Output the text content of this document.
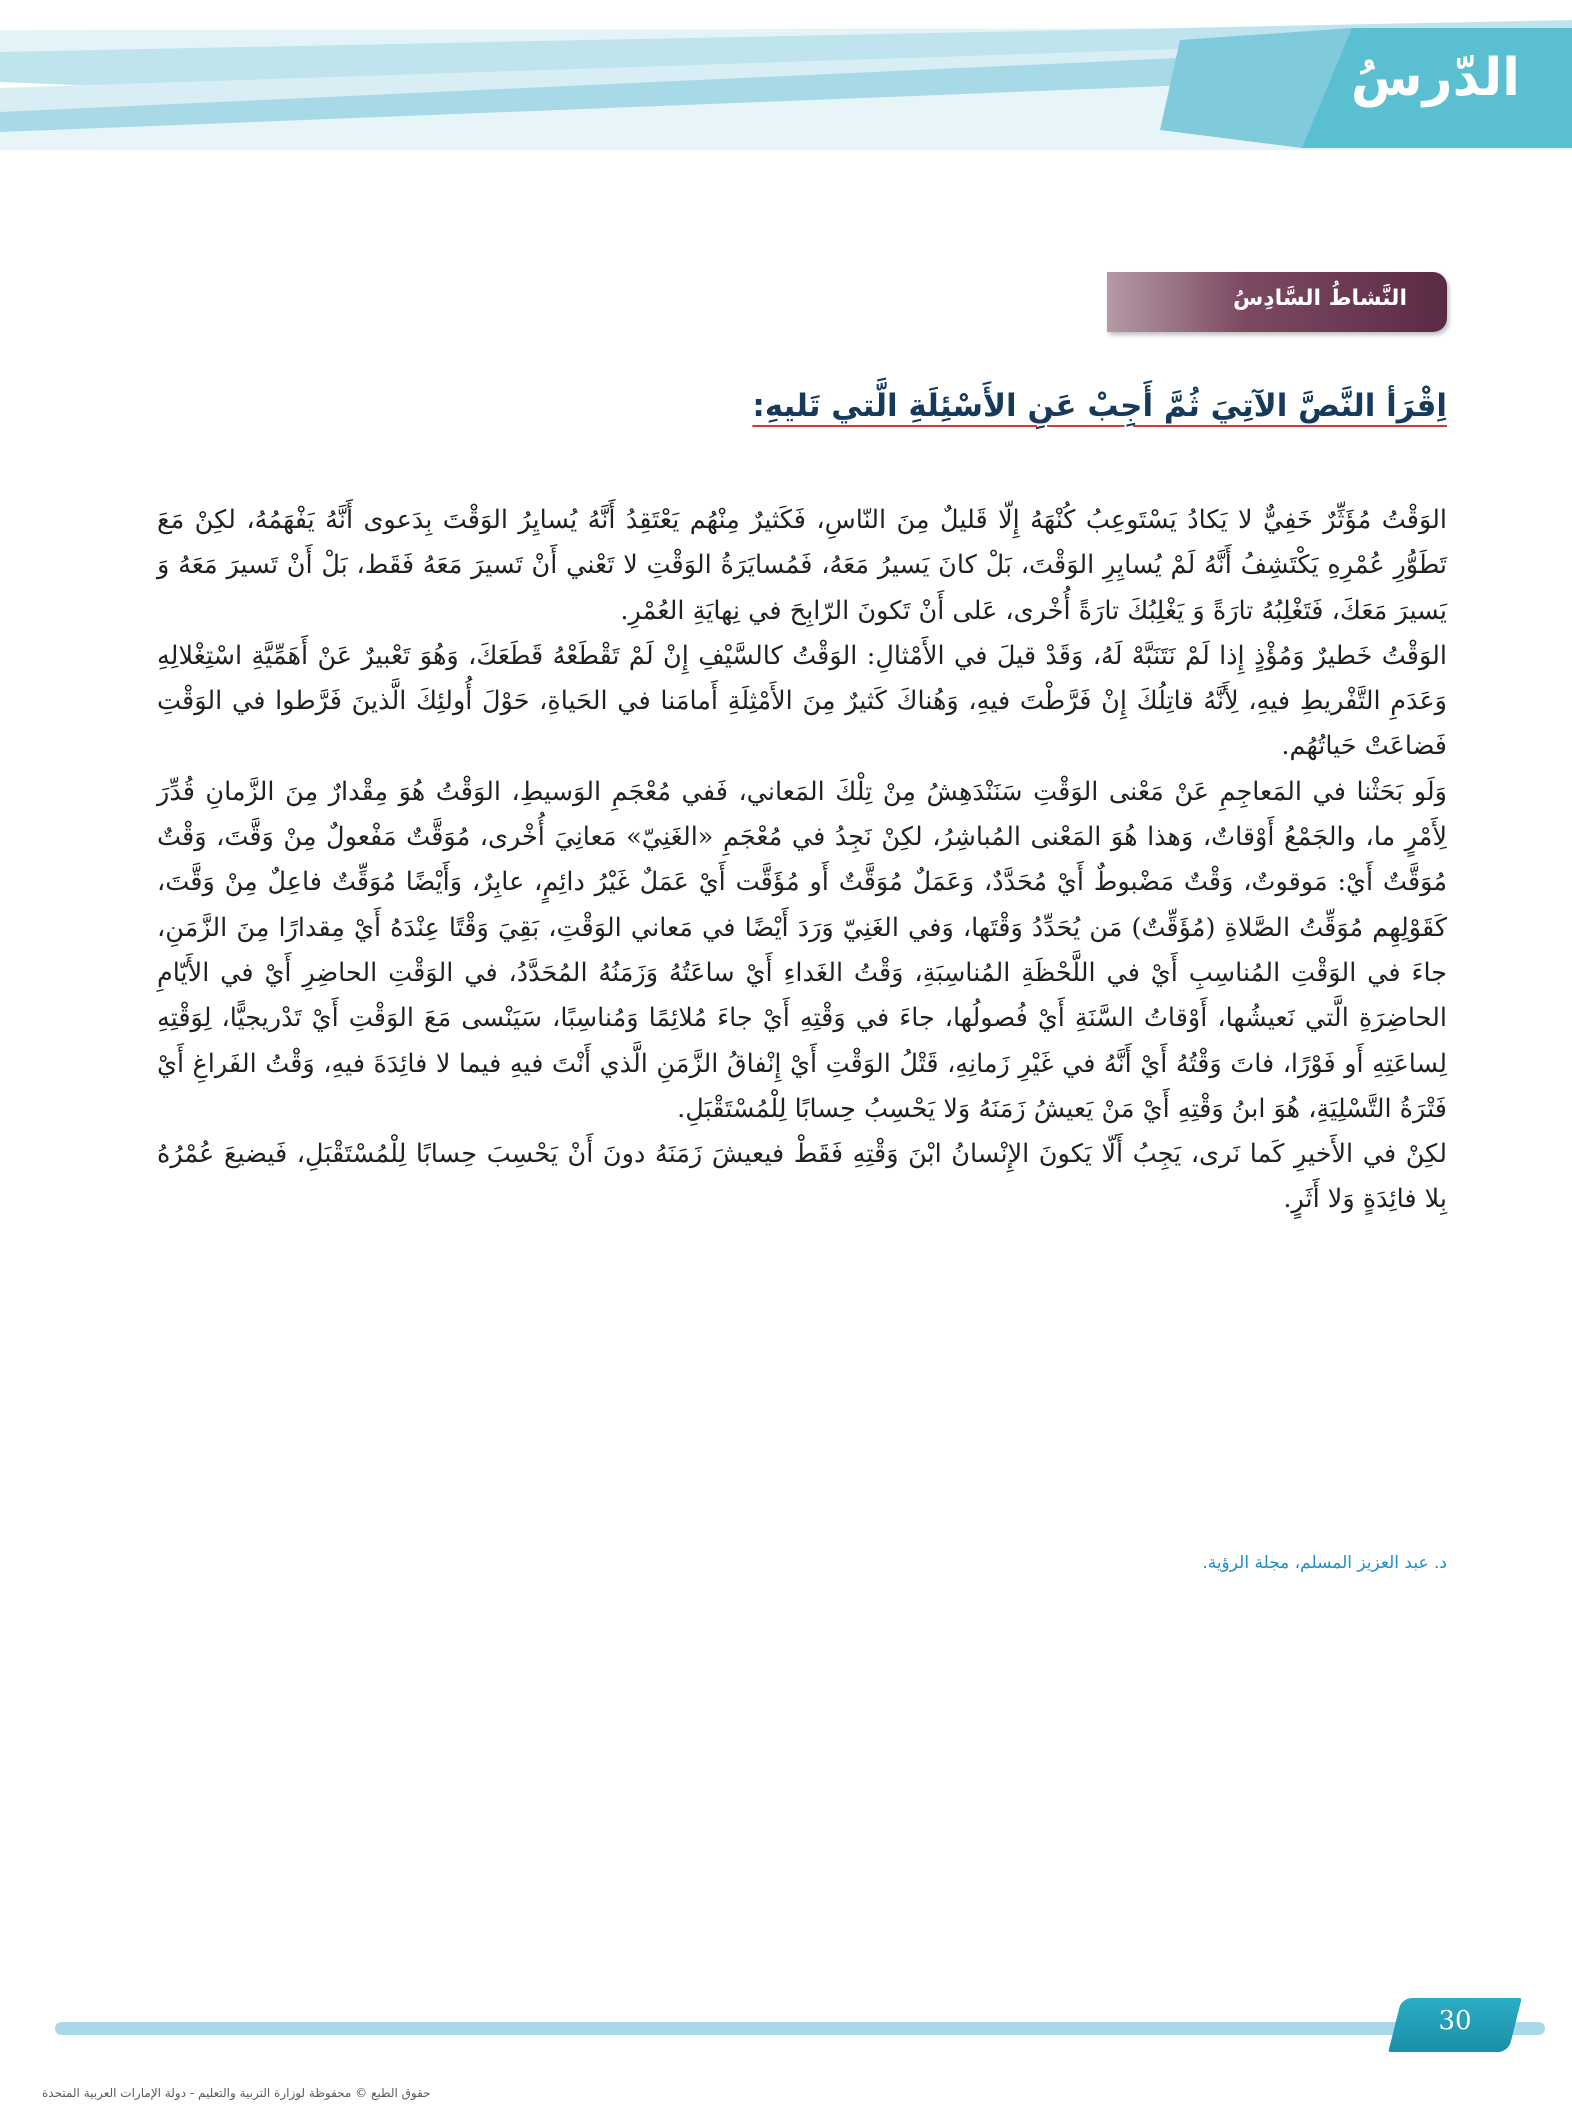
الدّرسُ
النَّشاطُ السَّادِسُ
اِقْرَأ النَّصَّ الآتِيَ ثُمَّ أَجِبْ عَنِ الأَسْئِلَةِ الَّتي تَليهِ:

الوَقْتُ مُؤَثِّرٌ خَفِيٌّ لا يَكادُ يَسْتَوعِبُ كُنْهَهُ إِلّا قَليلٌ مِنَ النّاسِ، فَكَثيرٌ مِنْهُم يَعْتَقِدُ أَنَّهُ يُسايِرُ الوَقْتَ بِدَعوى أَنَّهُ يَفْهَمُهُ، لكِنْ مَعَ تَطَوُّرِ عُمْرِهِ يَكْتَشِفُ أَنَّهُ لَمْ يُسايِرِ الوَقْتَ، بَلْ كانَ يَسيرُ مَعَهُ، فَمُسايَرَةُ الوَقْتِ لا تَعْني أَنْ تَسيرَ مَعَهُ فَقَط، بَلْ أَنْ تَسيرَ مَعَهُ وَ يَسيرَ مَعَكَ، فَتَغْلِبُهُ تارَةً وَ يَغْلِبُكَ تارَةً أُخْرى، عَلى أَنْ تَكونَ الرّابِحَ في نِهايَةِ العُمْرِ.

الوَقْتُ خَطيرٌ وَمُؤْذٍ إِذا لَمْ نَتَنَبَّهْ لَهُ، وَقَدْ قيلَ في الأَمْثالِ: الوَقْتُ كالسَّيْفِ إِنْ لَمْ تَقْطَعْهُ قَطَعَكَ، وَهُوَ تَعْبيرٌ عَنْ أَهَمِّيَّةِ اسْتِغْلالِهِ وَعَدَمِ التَّفْريطِ فيهِ، لِأَنَّهُ قاتِلُكَ إِنْ فَرَّطْتَ فيهِ، وَهُناكَ كَثيرٌ مِنَ الأَمْثِلَةِ أَمامَنا في الحَياةِ، حَوْلَ أُولئِكَ الَّذينَ فَرَّطوا في الوَقْتِ فَضاعَتْ حَياتُهُم.

وَلَو بَحَثْنا في المَعاجِمِ عَنْ مَعْنى الوَقْتِ سَنَنْدَهِشُ مِنْ تِلْكَ المَعاني، فَفي مُعْجَمِ الوَسيطِ، الوَقْتُ هُوَ مِقْدارٌ مِنَ الزَّمانِ قُدِّرَ لِأَمْرٍ ما، والجَمْعُ أَوْقاتٌ، وَهذا هُوَ المَعْنى المُباشِرُ، لكِنْ نَجِدُ في مُعْجَمِ «الغَنِيّ» مَعانِيَ أُخْرى، مُوَقَّتٌ مَفْعولٌ مِنْ وَقَّتَ، وَقْتٌ مُوَقَّتٌ أَيْ: مَوقوتٌ، وَقْتٌ مَضْبوطٌ أَيْ مُحَدَّدٌ، وَعَمَلٌ مُوَقَّتٌ أَو مُؤَقَّت أَيْ عَمَلٌ غَيْرُ دائِمٍ، عابِرٌ، وَأَيْضًا مُوَقِّتٌ فاعِلٌ مِنْ وَقَّتَ، كَقَوْلِهِم مُوَقِّتُ الصَّلاةِ (مُؤَقِّتٌ) مَن يُحَدِّدُ وَقْتَها، وَفي الغَنِيّ وَرَدَ أَيْضًا في مَعاني الوَقْتِ، بَقِيَ وَقْتًا عِنْدَهُ أَيْ مِقدارًا مِنَ الزَّمَنِ، جاءَ في الوَقْتِ المُناسِبِ أَيْ في اللَّحْظَةِ المُناسِبَةِ، وَقْتُ الغَداءِ أَيْ ساعَتُهُ وَزَمَنُهُ المُحَدَّدُ، في الوَقْتِ الحاضِرِ أَيْ في الأَيّامِ الحاضِرَةِ الَّتي نَعيشُها، أَوْقاتُ السَّنَةِ أَيْ فُصولُها، جاءَ في وَقْتِهِ أَيْ جاءَ مُلائِمًا وَمُناسِبًا، سَيَنْسى مَعَ الوَقْتِ أَيْ تَدْريجيًّا، لِوَقْتِهِ لِساعَتِهِ أَو فَوْرًا، فاتَ وَقْتُهُ أَيْ أَنَّهُ في غَيْرِ زَمانِهِ، قَتْلُ الوَقْتِ أَيْ إِنْفاقُ الزَّمَنِ الَّذي أَنْتَ فيهِ فيما لا فائِدَةَ فيهِ، وَقْتُ الفَراغِ أَيْ فَتْرَةُ التَّسْلِيَةِ، هُوَ ابنُ وَقْتِهِ أَيْ مَنْ يَعيشُ زَمَنَهُ وَلا يَحْسِبُ حِسابًا لِلْمُسْتَقْبَلِ.

لكِنْ في الأَخيرِ كَما نَرى، يَجِبُ أَلّا يَكونَ الإِنْسانُ ابْنَ وَقْتِهِ فَقَطْ فيعيشَ زَمَنَهُ دونَ أَنْ يَحْسِبَ حِسابًا لِلْمُسْتَقْبَلِ، فَيضيعَ عُمْرُهُ بِلا فائِدَةٍ وَلا أَثَرٍ.

د. عبد العزيز المسلم، مجلة الرؤية.
30
حقوق الطبع © محفوظة لوزارة التربية والتعليم - دولة الإمارات العربية المتحدة
